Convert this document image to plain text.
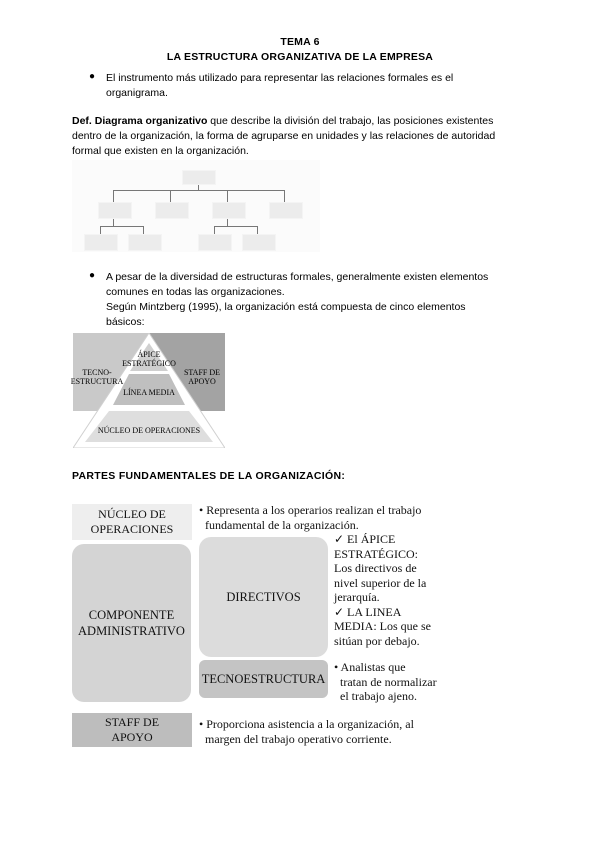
TEMA 6
LA ESTRUCTURA ORGANIZATIVA DE LA EMPRESA
● El instrumento más utilizado para representar las relaciones formales es el
organigrama.
Def. Diagrama organizativo que describe la división del trabajo, las posiciones existentes
dentro de la organización, la forma de agruparse en unidades y las relaciones de autoridad
formal que existen en la organización.
● A pesar de la diversidad de estructuras formales, generalmente existen elementos
comunes en todas las organizaciones.
Según Mintzberg (1995), la organización está compuesta de cinco elementos
básicos:
ÁPICE
ESTRATÉGICO
TECNO-
ESTRUCTURA
STAFF DE
APOYO
LÍNEA MEDIA
NÚCLEO DE OPERACIONES
PARTES FUNDAMENTALES DE LA ORGANIZACIÓN:
NÚCLEO DE
OPERACIONES
• Representa a los operarios realizan el trabajo
fundamental de la organización.
COMPONENTE
ADMINISTRATIVO
DIRECTIVOS
✓ El ÁPICE
ESTRATÉGICO:
Los directivos de
nivel superior de la
jerarquía.
✓ LA LINEA
MEDIA: Los que se
sitúan por debajo.
TECNOESTRUCTURA
• Analistas que
tratan de normalizar
el trabajo ajeno.
STAFF DE
APOYO
• Proporciona asistencia a la organización, al
margen del trabajo operativo corriente.
